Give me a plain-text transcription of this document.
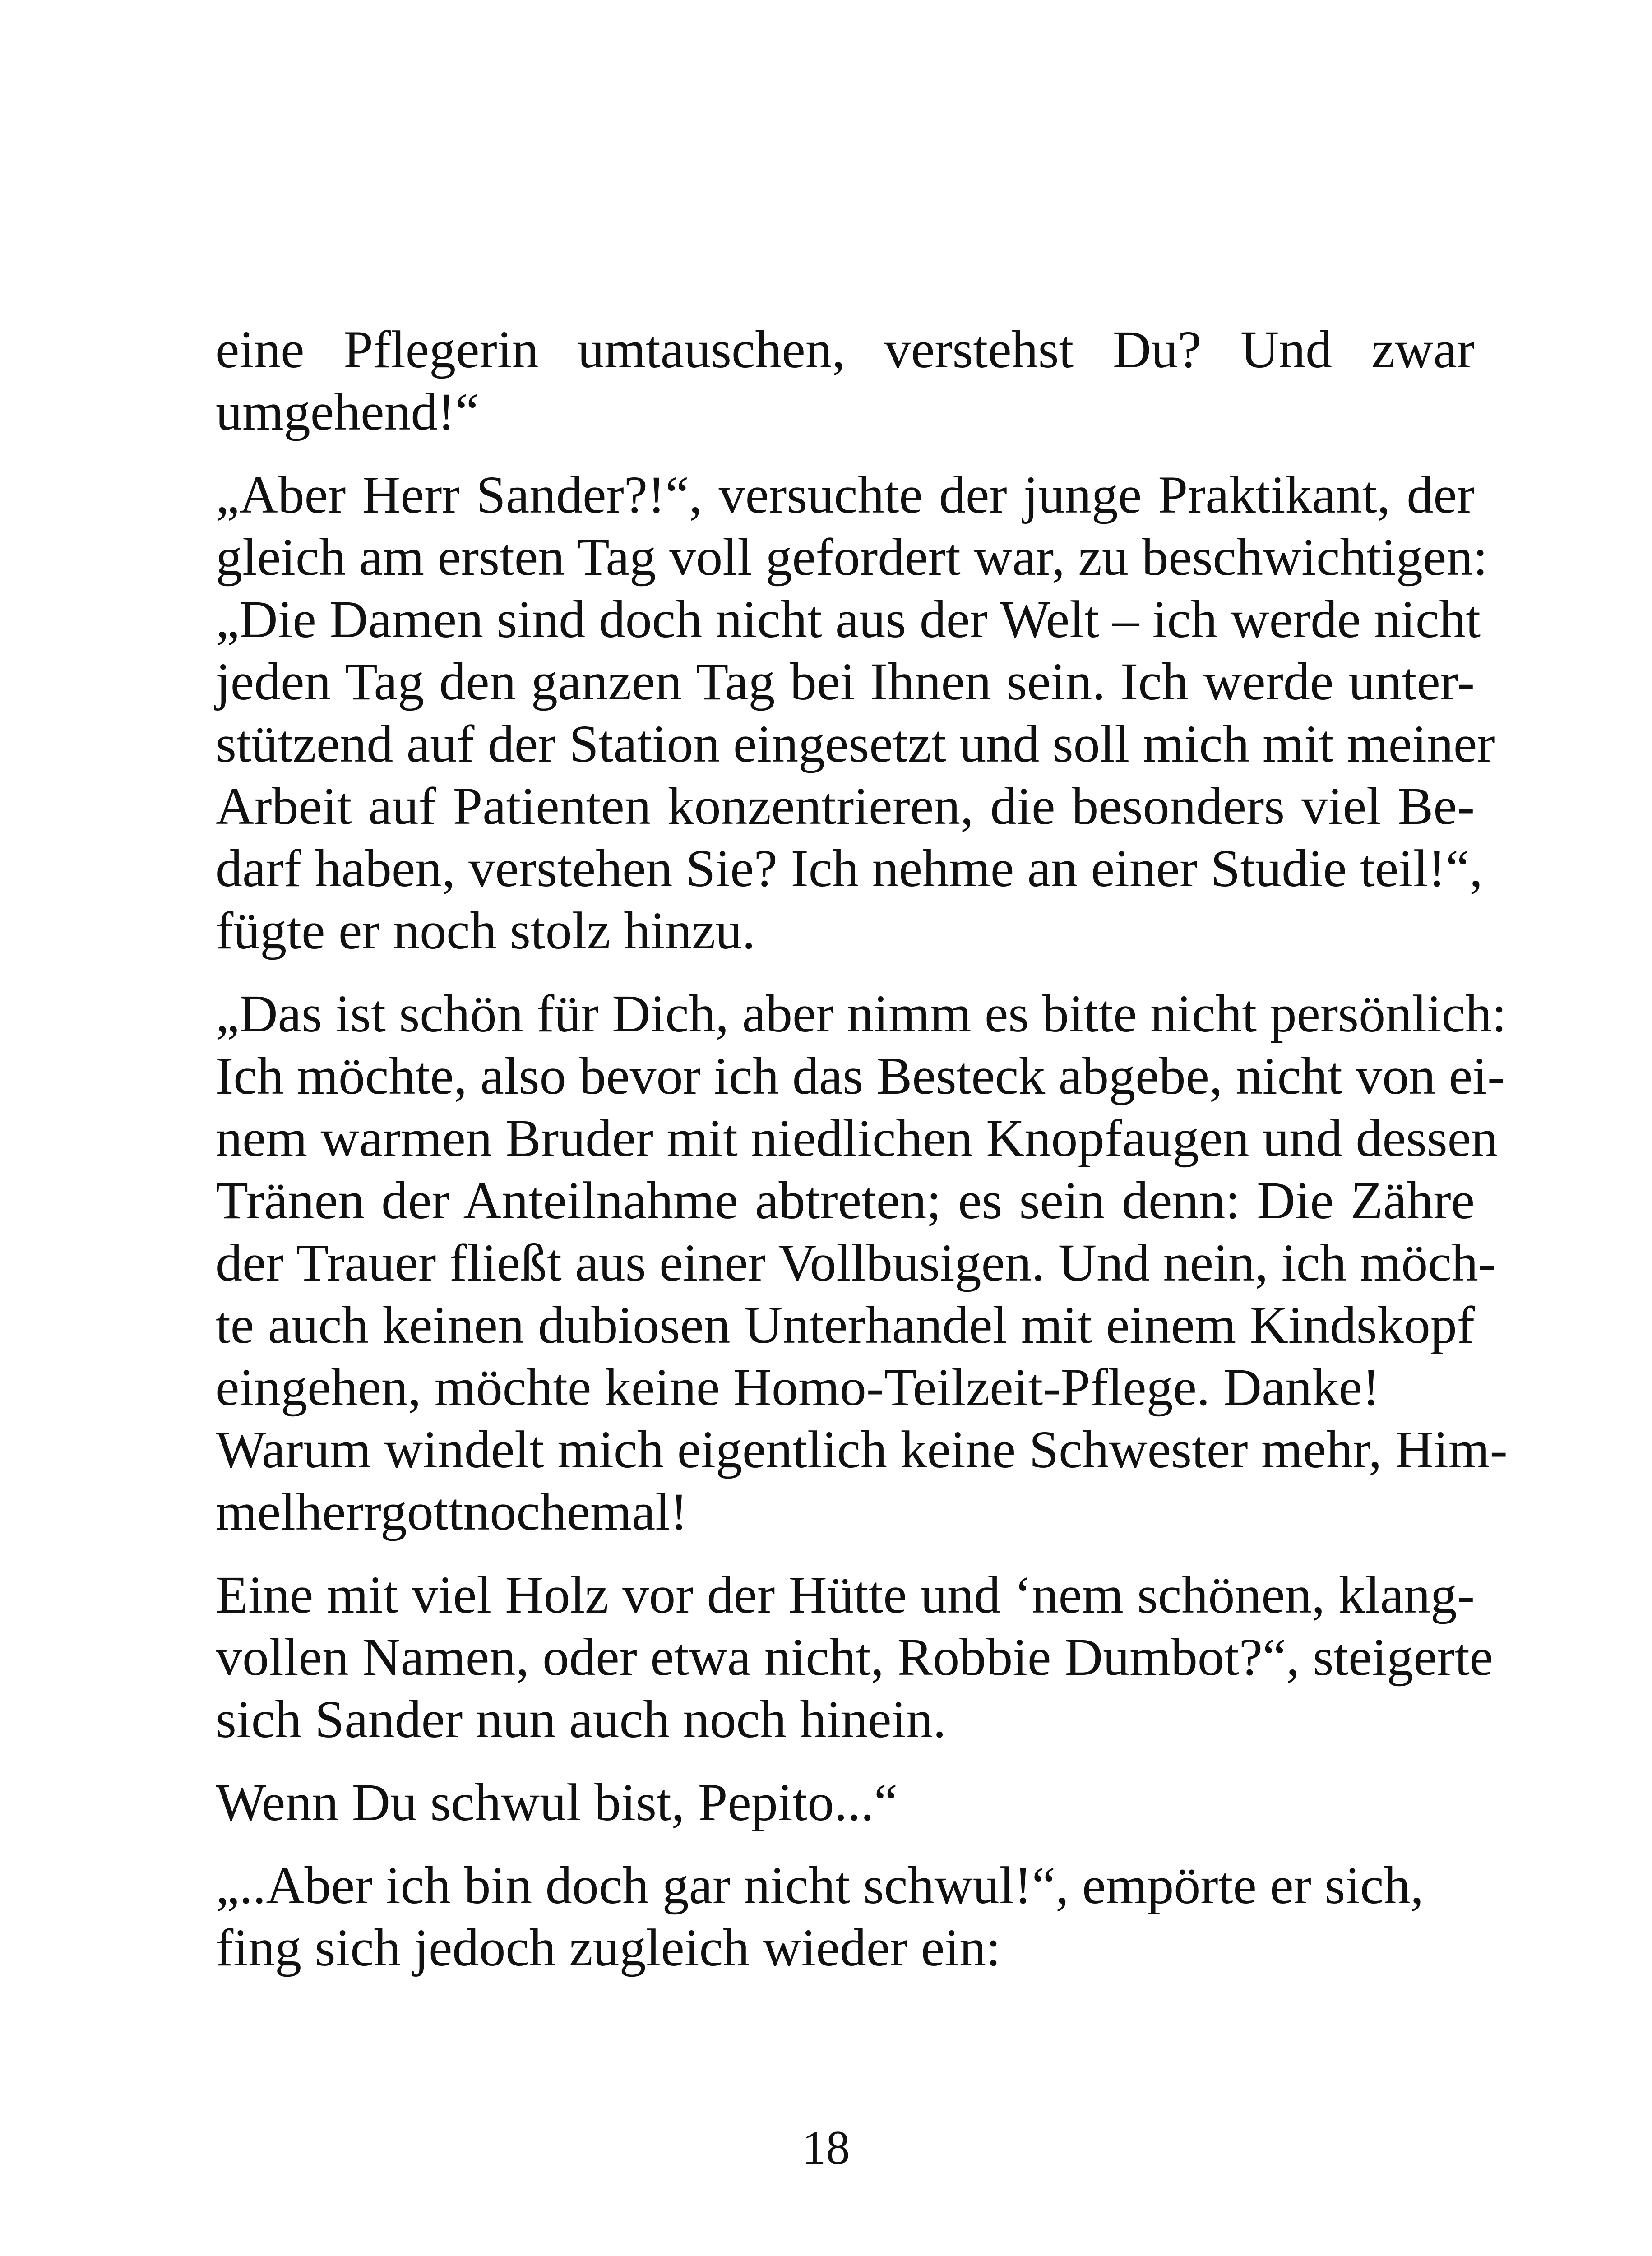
eine Pflegerin umtauschen, verstehst Du? Und zwar
umgehend!“
„Aber Herr Sander?!“, versuchte der junge Praktikant, der
gleich am ersten Tag voll gefordert war, zu beschwichtigen:
„Die Damen sind doch nicht aus der Welt – ich werde nicht
jeden Tag den ganzen Tag bei Ihnen sein. Ich werde unter-
stützend auf der Station eingesetzt und soll mich mit meiner
Arbeit auf Patienten konzentrieren, die besonders viel Be-
darf haben, verstehen Sie? Ich nehme an einer Studie teil!“,
fügte er noch stolz hinzu.
„Das ist schön für Dich, aber nimm es bitte nicht persönlich:
Ich möchte, also bevor ich das Besteck abgebe, nicht von ei-
nem warmen Bruder mit niedlichen Knopfaugen und dessen
Tränen der Anteilnahme abtreten; es sein denn: Die Zähre
der Trauer fließt aus einer Vollbusigen. Und nein, ich möch-
te auch keinen dubiosen Unterhandel mit einem Kindskopf
eingehen, möchte keine Homo-Teilzeit-Pflege. Danke!
Warum windelt mich eigentlich keine Schwester mehr, Him-
melherrgottnochemal!
Eine mit viel Holz vor der Hütte und ‘nem schönen, klang-
vollen Namen, oder etwa nicht, Robbie Dumbot?“, steigerte
sich Sander nun auch noch hinein.
Wenn Du schwul bist, Pepito...“
„..Aber ich bin doch gar nicht schwul!“, empörte er sich,
fing sich jedoch zugleich wieder ein:
18
